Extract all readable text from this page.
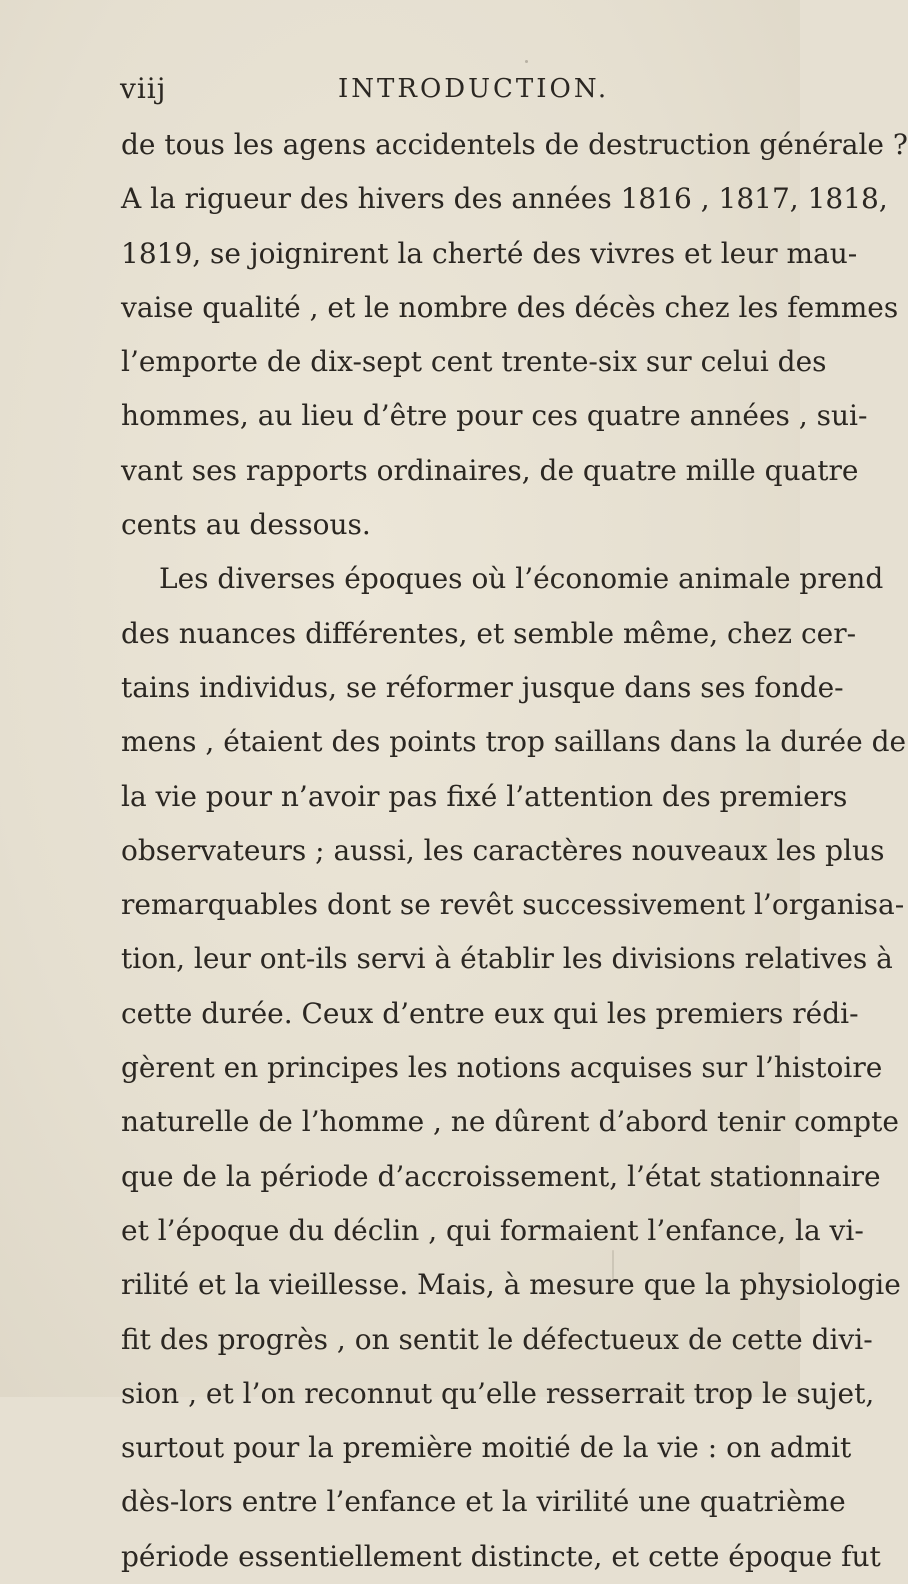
viij	INTRODUCTION.
de tous les agens accidentels de destruction générale ?
A la rigueur des hivers des années 1816 , 1817, 1818,
1819, se joignirent la cherté des vivres et leur mau-
vaise qualité , et le nombre des décès chez les femmes
l’emporte de dix-sept cent trente-six sur celui des
hommes, au lieu d’être pour ces quatre années , sui-
vant ses rapports ordinaires, de quatre mille quatre
cents au dessous.
Les diverses époques où l’économie animale prend
des nuances différentes, et semble même, chez cer-
tains individus, se réformer jusque dans ses fonde-
mens , étaient des points trop saillans dans la durée de
la vie pour n’avoir pas fixé l’attention des premiers
observateurs ; aussi, les caractères nouveaux les plus
remarquables dont se revêt successivement l’organisa-
tion, leur ont-ils servi à établir les divisions relatives à
cette durée. Ceux d’entre eux qui les premiers rédi-
gèrent en principes les notions acquises sur l’histoire
naturelle de l’homme , ne dûrent d’abord tenir compte
que de la période d’accroissement, l’état stationnaire
et l’époque du déclin , qui formaient l’enfance, la vi-
rilité et la vieillesse. Mais, à mesure que la physiologie
fit des progrès , on sentit le défectueux de cette divi-
sion , et l’on reconnut qu’elle resserrait trop le sujet,
surtout pour la première moitié de la vie : on admit
dès-lors entre l’enfance et la virilité une quatrième
période essentiellement distincte, et cette époque fut
